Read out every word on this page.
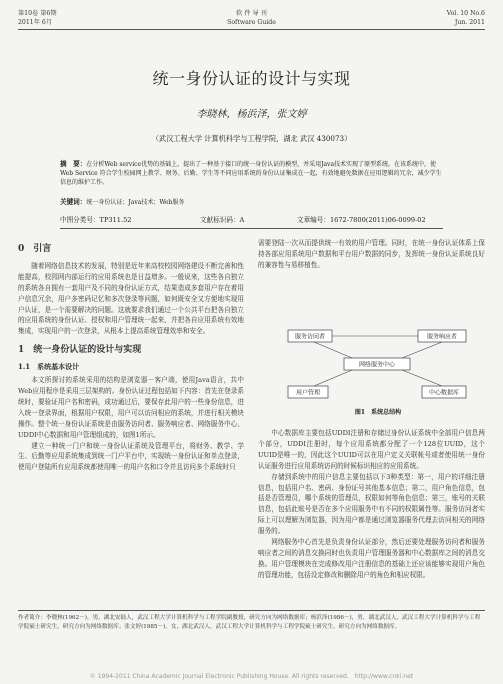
第10卷 第6期	软 件 导 刊	Vol. 10 No.6
2011年 6月	Software Guide	Jun. 2011
统一身份认证的设计与实现
李晓林，杨浜泽，张文婷
（武汉工程大学 计算机科学与工程学院，湖北 武汉 430073）
摘　要：在分析Web service优势的基础上，提出了一种基于接口的统一身份认证的模型，并采用Java技术实现了原型系统。在该系统中，使Web Service 符合学生校园网上教学、财务、后勤、学生等不同应用系统的身份认证集成在一起，有效地避免数据在应用逻辑的冗余，减少学生信息的维护工作。
关键词：统一身份认证；Java技术；Web服务
中图分类号：TP311.52	文献标识码：A	文章编号：1672-7800(2011)06-0099-02

0　引言

随着网络信息技术的发展，特别是近年来高校校园网络建设不断完善和性能提高，校园网内部运行的应用系统也是日益增多。一般说来，这些各自独立的系统各自拥有一套用户及不同的身份认证方式，结果造成多套用户存在着用户信息冗余，用户多密码记忆和多次登录等问题，如何既安全又方便地实现用户认证，是一个需要解决的问题。这就要求我们通过一个公共平台把各自独立的应用系统的身份认证、授权和用户管理统一起来，并把各自应用系统有效地集成，实现用户的一次登录，从根本上提高系统管理效率和安全。

1　统一身份认证的设计与实现

1.1　系统基本设计

本文所探讨的系统采用的结构是浏览器－客户端，使用Java语言，共中Web应用程序是采用三层架构的。身份认证过程包括如下内容：首先在登录系统时，要验证用户名和密码，成功通过后，要保存此用户的一些身份信息，进入统一登录界面，根据用户权限，用户可以访问相应的系统，并进行相关模块操作。整个统一身份认证系统是由服务访问者、服务响应者、网络服务中心、UDDI中心数据和用户管理组成的，如图1所示。

建立一种统一门户和统一身份认证系统及管理平台，将财务、教学、学生、后勤等应用系统集成到统一门户平台中，实现统一身份认证和单点登录，使用户登陆所有应用系统都使用唯一的用户名和口令并且访问多个系统时只

需要登陆一次从而提供统一有效的用户管理。同时，在统一身份认证体系上保持各部应用系统用户数据和平台用户数据的同步，发挥统一身份认证系统良好的兼容性与易移植性。

服务访问者	服务响应者
网络服务中心
用户管理	中心数据库
图1　系统总结构

中心数据库主要包括UDDI注册和存储过身份认证系统中全部用户信息两个部分，UDDI注册时，每个应用系统都分配了一个128位UUID，这个UUID是唯一的，因此这个UUID可以在用户定义关联帐号或者使用统一身份认证服务进行应用系统访问的时候标识相应的应用系统。

存储到系统中的用户信息主要包括以下3种类型：第一，用户的详细注册信息，包括用户名、密码、身份证号其他基本信息；第二，用户角色信息，包括是否管理员，哪个系统的管理员，权限如何等角色信息；第三，账号的关联信息，包括此账号是否在多个应用服务中有不同的权限属性等。服务访问者实际上可以理解为浏览器，因为用户都是通过浏览器服务代理去访问相关的网络服务的。

网络服务中心首先是负责身份认证部分，然后还要处理服务访问者和服务响应者之间的消息交换同时也负责用户管理服务器和中心数据库之间的消息交换。用户管理模块在完成修改用户注册信息的基础上还应该能够实现用户角色的管理功能，包括设定修改和删除用户的角色和相应权限。

作者简介：李晓林(1962－)，男，湖北安陆人，武汉工程大学计算机科学与工程学院副教授，研究方向为网络数据库；杨浜泽(1986－)，男，湖北武汉人，武汉工程大学计算机科学与工程学院硕士研究生，研究方向为网络数据库；张文婷(1985－)，女，湖北武汉人，武汉工程大学计算机科学与工程学院硕士研究生，研究方向为网络数据库。
© 1994-2011 China Academic Journal Electronic Publishing House. All rights reserved.　http://www.cnki.net
